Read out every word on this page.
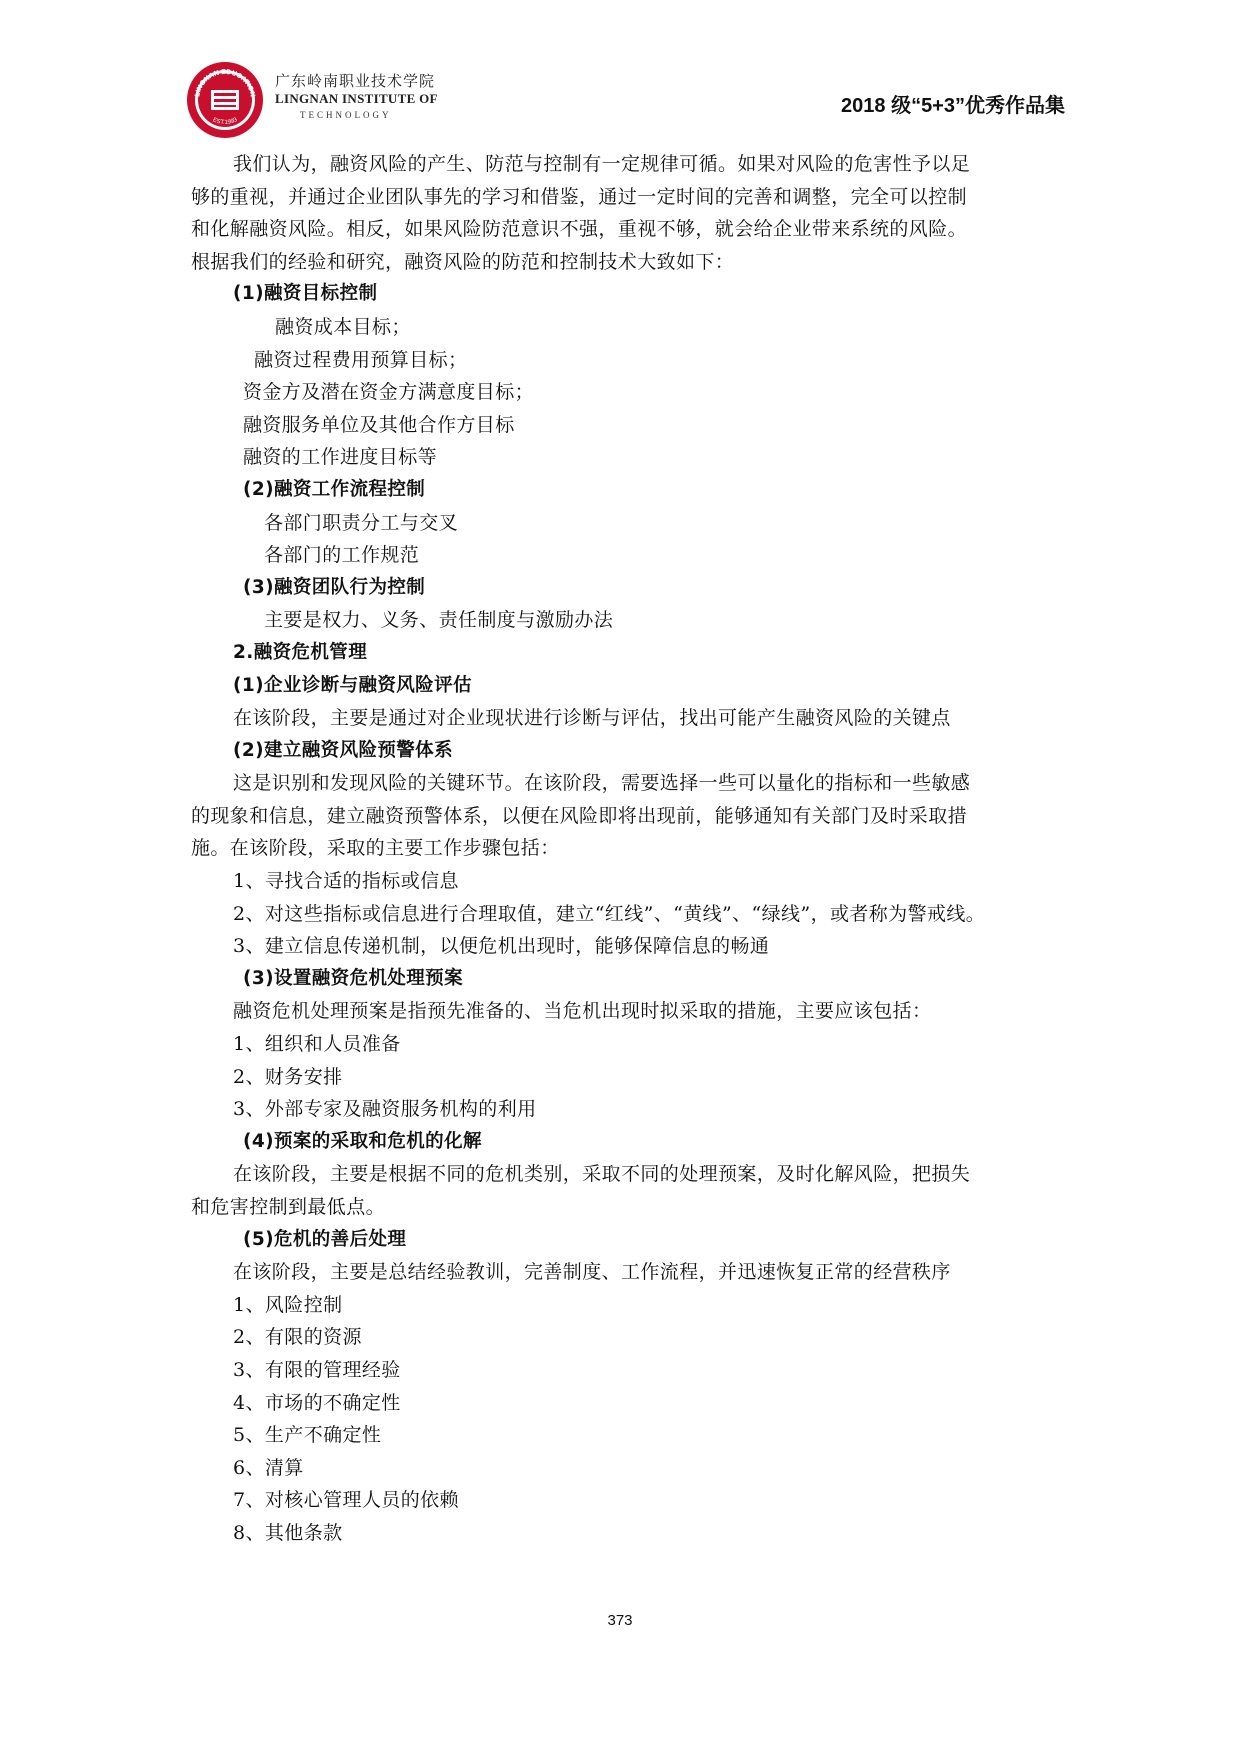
LINGNAN EDUCATION
EST.1993
广东岭南职业技术学院
LINGNAN INSTITUTE OF
TECHNOLOGY	2018 级“5+3”优秀作品集
我们认为，融资风险的产生、防范与控制有一定规律可循。如果对风险的危害性予以足
够的重视，并通过企业团队事先的学习和借鉴，通过一定时间的完善和调整，完全可以控制
和化解融资风险。相反，如果风险防范意识不强，重视不够，就会给企业带来系统的风险。
根据我们的经验和研究，融资风险的防范和控制技术大致如下：
(1)融资目标控制
融资成本目标；
融资过程费用预算目标；
资金方及潜在资金方满意度目标；
融资服务单位及其他合作方目标
融资的工作进度目标等
(2)融资工作流程控制
各部门职责分工与交叉
各部门的工作规范
(3)融资团队行为控制
主要是权力、义务、责任制度与激励办法
2.融资危机管理
(1)企业诊断与融资风险评估
在该阶段，主要是通过对企业现状进行诊断与评估，找出可能产生融资风险的关键点
(2)建立融资风险预警体系
这是识别和发现风险的关键环节。在该阶段，需要选择一些可以量化的指标和一些敏感
的现象和信息，建立融资预警体系，以便在风险即将出现前，能够通知有关部门及时采取措
施。在该阶段，采取的主要工作步骤包括：
1、寻找合适的指标或信息
2、对这些指标或信息进行合理取值，建立“红线”、“黄线”、“绿线”，或者称为警戒线。
3、建立信息传递机制，以便危机出现时，能够保障信息的畅通
(3)设置融资危机处理预案
融资危机处理预案是指预先准备的、当危机出现时拟采取的措施，主要应该包括：
1、组织和人员准备
2、财务安排
3、外部专家及融资服务机构的利用
(4)预案的采取和危机的化解
在该阶段，主要是根据不同的危机类别，采取不同的处理预案，及时化解风险，把损失
和危害控制到最低点。
(5)危机的善后处理
在该阶段，主要是总结经验教训，完善制度、工作流程，并迅速恢复正常的经营秩序
1、风险控制
2、有限的资源
3、有限的管理经验
4、市场的不确定性
5、生产不确定性
6、清算
7、对核心管理人员的依赖
8、其他条款
373
